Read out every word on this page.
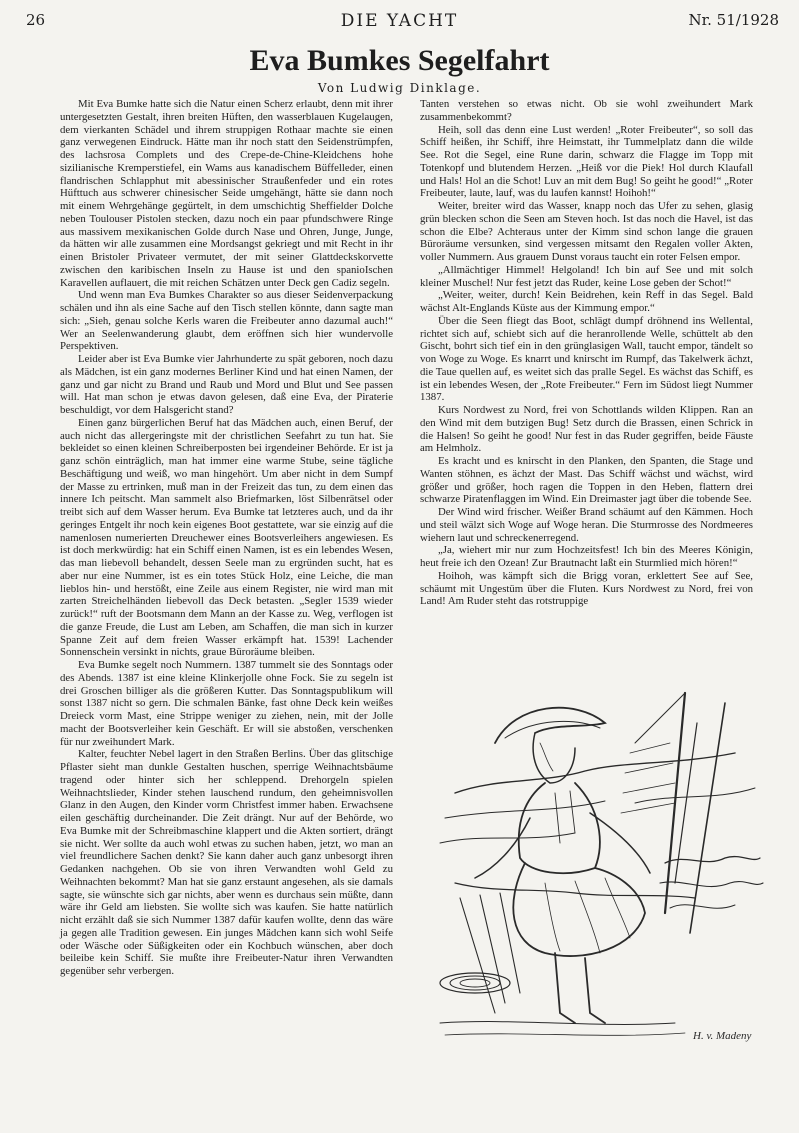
26	DIE YACHT	Nr. 51/1928
Eva Bumkes Segelfahrt
Von Ludwig Dinklage.

Mit Eva Bumke hatte sich die Natur einen Scherz erlaubt, denn mit ihrer untergesetzten Gestalt, ihren breiten Hüften, den wasserblauen Kugelaugen, dem vierkanten Schädel und ihrem struppigen Rothaar machte sie einen ganz verwegenen Eindruck. Hätte man ihr noch statt den Seidenstrümpfen, des lachsrosa Complets und des Crepe-de-Chine-Kleidchens hohe sizilianische Kremperstiefel, ein Wams aus kanadischem Büffelleder, einen flandrischen Schlapphut mit abessinischer Straußenfeder und ein rotes Hüfttuch aus schwerer chinesischer Seide umgehängt, hätte sie dann noch mit einem Wehrgehänge gegürtelt, in dem umschichtig Sheffielder Dolche neben Toulouser Pistolen stecken, dazu noch ein paar pfundschwere Ringe aus massivem mexikanischen Golde durch Nase und Ohren, Junge, Junge, da hätten wir alle zusammen eine Mordsangst gekriegt und mit Recht in ihr einen Bristoler Privateer vermutet, der mit seiner Glattdeckskorvette zwischen den karibischen Inseln zu Hause ist und den spanioIschen Karavellen auflauert, die mit reichen Schätzen unter Deck gen Cadiz segeln.

Und wenn man Eva Bumkes Charakter so aus dieser Seidenverpackung schälen und ihn als eine Sache auf den Tisch stellen könnte, dann sagte man sich: „Sieh, genau solche Kerls waren die Freibeuter anno dazumal auch!“ Wer an Seelenwanderung glaubt, dem eröffnen sich hier wundervolle Perspektiven.

Leider aber ist Eva Bumke vier Jahrhunderte zu spät geboren, noch dazu als Mädchen, ist ein ganz modernes Berliner Kind und hat einen Namen, der ganz und gar nicht zu Brand und Raub und Mord und Blut und See passen will. Hat man schon je etwas davon gelesen, daß eine Eva, der Piraterie beschuldigt, vor dem Halsgericht stand?

Einen ganz bürgerlichen Beruf hat das Mädchen auch, einen Beruf, der auch nicht das allergeringste mit der christlichen Seefahrt zu tun hat. Sie bekleidet so einen kleinen Schreiberposten bei irgendeiner Behörde. Er ist ja ganz schön einträglich, man hat immer eine warme Stube, seine tägliche Beschäftigung und weiß, wo man hingehört. Um aber nicht in dem Sumpf der Masse zu ertrinken, muß man in der Freizeit das tun, zu dem einen das innere Ich peitscht. Man sammelt also Briefmarken, löst Silbenrätsel oder treibt sich auf dem Wasser herum. Eva Bumke tat letzteres auch, und da ihr geringes Entgelt ihr noch kein eigenes Boot gestattete, war sie einzig auf die namenlosen numerierten Dreuchewer eines Bootsverleihers angewiesen. Es ist doch merkwürdig: hat ein Schiff einen Namen, ist es ein lebendes Wesen, das man liebevoll behandelt, dessen Seele man zu ergründen sucht, hat es aber nur eine Nummer, ist es ein totes Stück Holz, eine Leiche, die man lieblos hin- und herstößt, eine Zeile aus einem Register, nie wird man mit zarten Streichelhänden liebevoll das Deck betasten. „Segler 1539 wieder zurück!“ ruft der Bootsmann dem Mann an der Kasse zu. Weg, verflogen ist die ganze Freude, die Lust am Leben, am Schaffen, die man sich in kurzer Spanne Zeit auf dem freien Wasser erkämpft hat. 1539! Lachender Sonnenschein versinkt in nichts, graue Büroräume bleiben.

Eva Bumke segelt noch Nummern. 1387 tummelt sie des Sonntags oder des Abends. 1387 ist eine kleine Klinkerjolle ohne Fock. Sie zu segeln ist drei Groschen billiger als die größeren Kutter. Das Sonntagspublikum will sonst 1387 nicht so gern. Die schmalen Bänke, fast ohne Deck kein weißes Dreieck vorm Mast, eine Strippe weniger zu ziehen, nein, mit der Jolle macht der Bootsverleiher kein Geschäft. Er will sie abstoßen, verschenken für nur zweihundert Mark.

Kalter, feuchter Nebel lagert in den Straßen Berlins. Über das glitschige Pflaster sieht man dunkle Gestalten huschen, sperrige Weihnachtsbäume tragend oder hinter sich her schleppend. Drehorgeln spielen Weihnachtslieder, Kinder stehen lauschend rundum, den geheimnisvollen Glanz in den Augen, den Kinder vorm Christfest immer haben. Erwachsene eilen geschäftig durcheinander. Die Zeit drängt. Nur auf der Behörde, wo Eva Bumke mit der Schreibmaschine klappert und die Akten sortiert, drängt sie nicht. Wer sollte da auch wohl etwas zu suchen haben, jetzt, wo man an viel freundlichere Sachen denkt? Sie kann daher auch ganz unbesorgt ihren Gedanken nachgehen. Ob sie von ihren Verwandten wohl Geld zu Weihnachten bekommt? Man hat sie ganz erstaunt angesehen, als sie damals sagte, sie wünschte sich gar nichts, aber wenn es durchaus sein müßte, dann wäre ihr Geld am liebsten. Sie wollte sich was kaufen. Sie hatte natürlich nicht erzählt daß sie sich Nummer 1387 dafür kaufen wollte, denn das wäre ja gegen alle Tradition gewesen. Ein junges Mädchen kann sich wohl Seife oder Wäsche oder Süßigkeiten oder ein Kochbuch wünschen, aber doch beileibe kein Schiff. Sie mußte ihre Freibeuter-Natur ihren Verwandten gegenüber sehr verbergen.

Tanten verstehen so etwas nicht. Ob sie wohl zweihundert Mark zusammenbekommt?

Heih, soll das denn eine Lust werden! „Roter Freibeuter“, so soll das Schiff heißen, ihr Schiff, ihre Heimstatt, ihr Tummelplatz dann die wilde See. Rot die Segel, eine Rune darin, schwarz die Flagge im Topp mit Totenkopf und blutendem Herzen. „Heiß vor die Piek! Hol durch Klaufall und Hals! Hol an die Schot! Luv an mit dem Bug! So geiht he good!“ „Roter Freibeuter, laute, lauf, was du laufen kannst! Hoihoh!“

Weiter, breiter wird das Wasser, knapp noch das Ufer zu sehen, glasig grün blecken schon die Seen am Steven hoch. Ist das noch die Havel, ist das schon die Elbe? Achteraus unter der Kimm sind schon lange die grauen Büroräume versunken, sind vergessen mitsamt den Regalen voller Akten, voller Nummern. Aus grauem Dunst voraus taucht ein roter Felsen empor.

„Allmächtiger Himmel! Helgoland! Ich bin auf See und mit solch kleiner Muschel! Nur fest jetzt das Ruder, keine Lose geben der Schot!“

„Weiter, weiter, durch! Kein Beidrehen, kein Reff in das Segel. Bald wächst Alt-Englands Küste aus der Kimmung empor.“

Über die Seen fliegt das Boot, schlägt dumpf dröhnend ins Wellental, richtet sich auf, schiebt sich auf die heranrollende Welle, schüttelt ab den Gischt, bohrt sich tief ein in den grünglasigen Wall, taucht empor, tändelt so von Woge zu Woge. Es knarrt und knirscht im Rumpf, das Takelwerk ächzt, die Taue quellen auf, es weitet sich das pralle Segel. Es wächst das Schiff, es ist ein lebendes Wesen, der „Rote Freibeuter.“ Fern im Südost liegt Nummer 1387.

Kurs Nordwest zu Nord, frei von Schottlands wilden Klippen. Ran an den Wind mit dem butzigen Bug! Setz durch die Brassen, einen Schrick in die Halsen! So geiht he good! Nur fest in das Ruder gegriffen, beide Fäuste am Helmholz.

Es kracht und es knirscht in den Planken, den Spanten, die Stage und Wanten stöhnen, es ächzt der Mast. Das Schiff wächst und wächst, wird größer und größer, hoch ragen die Toppen in den Heben, flattern drei schwarze Piratenflaggen im Wind. Ein Dreimaster jagt über die tobende See.

Der Wind wird frischer. Weißer Brand schäumt auf den Kämmen. Hoch und steil wälzt sich Woge auf Woge heran. Die Sturmrosse des Nordmeeres wiehern laut und schreckenerregend.

„Ja, wiehert mir nur zum Hochzeitsfest! Ich bin des Meeres Königin, heut freie ich den Ozean! Zur Brautnacht laßt ein Sturmlied mich hören!“

Hoihoh, was kämpft sich die Brigg voran, erklettert See auf See, schäumt mit Ungestüm über die Fluten. Kurs Nordwest zu Nord, frei von Land! Am Ruder steht das rotstruppige

H. v. Madeny
